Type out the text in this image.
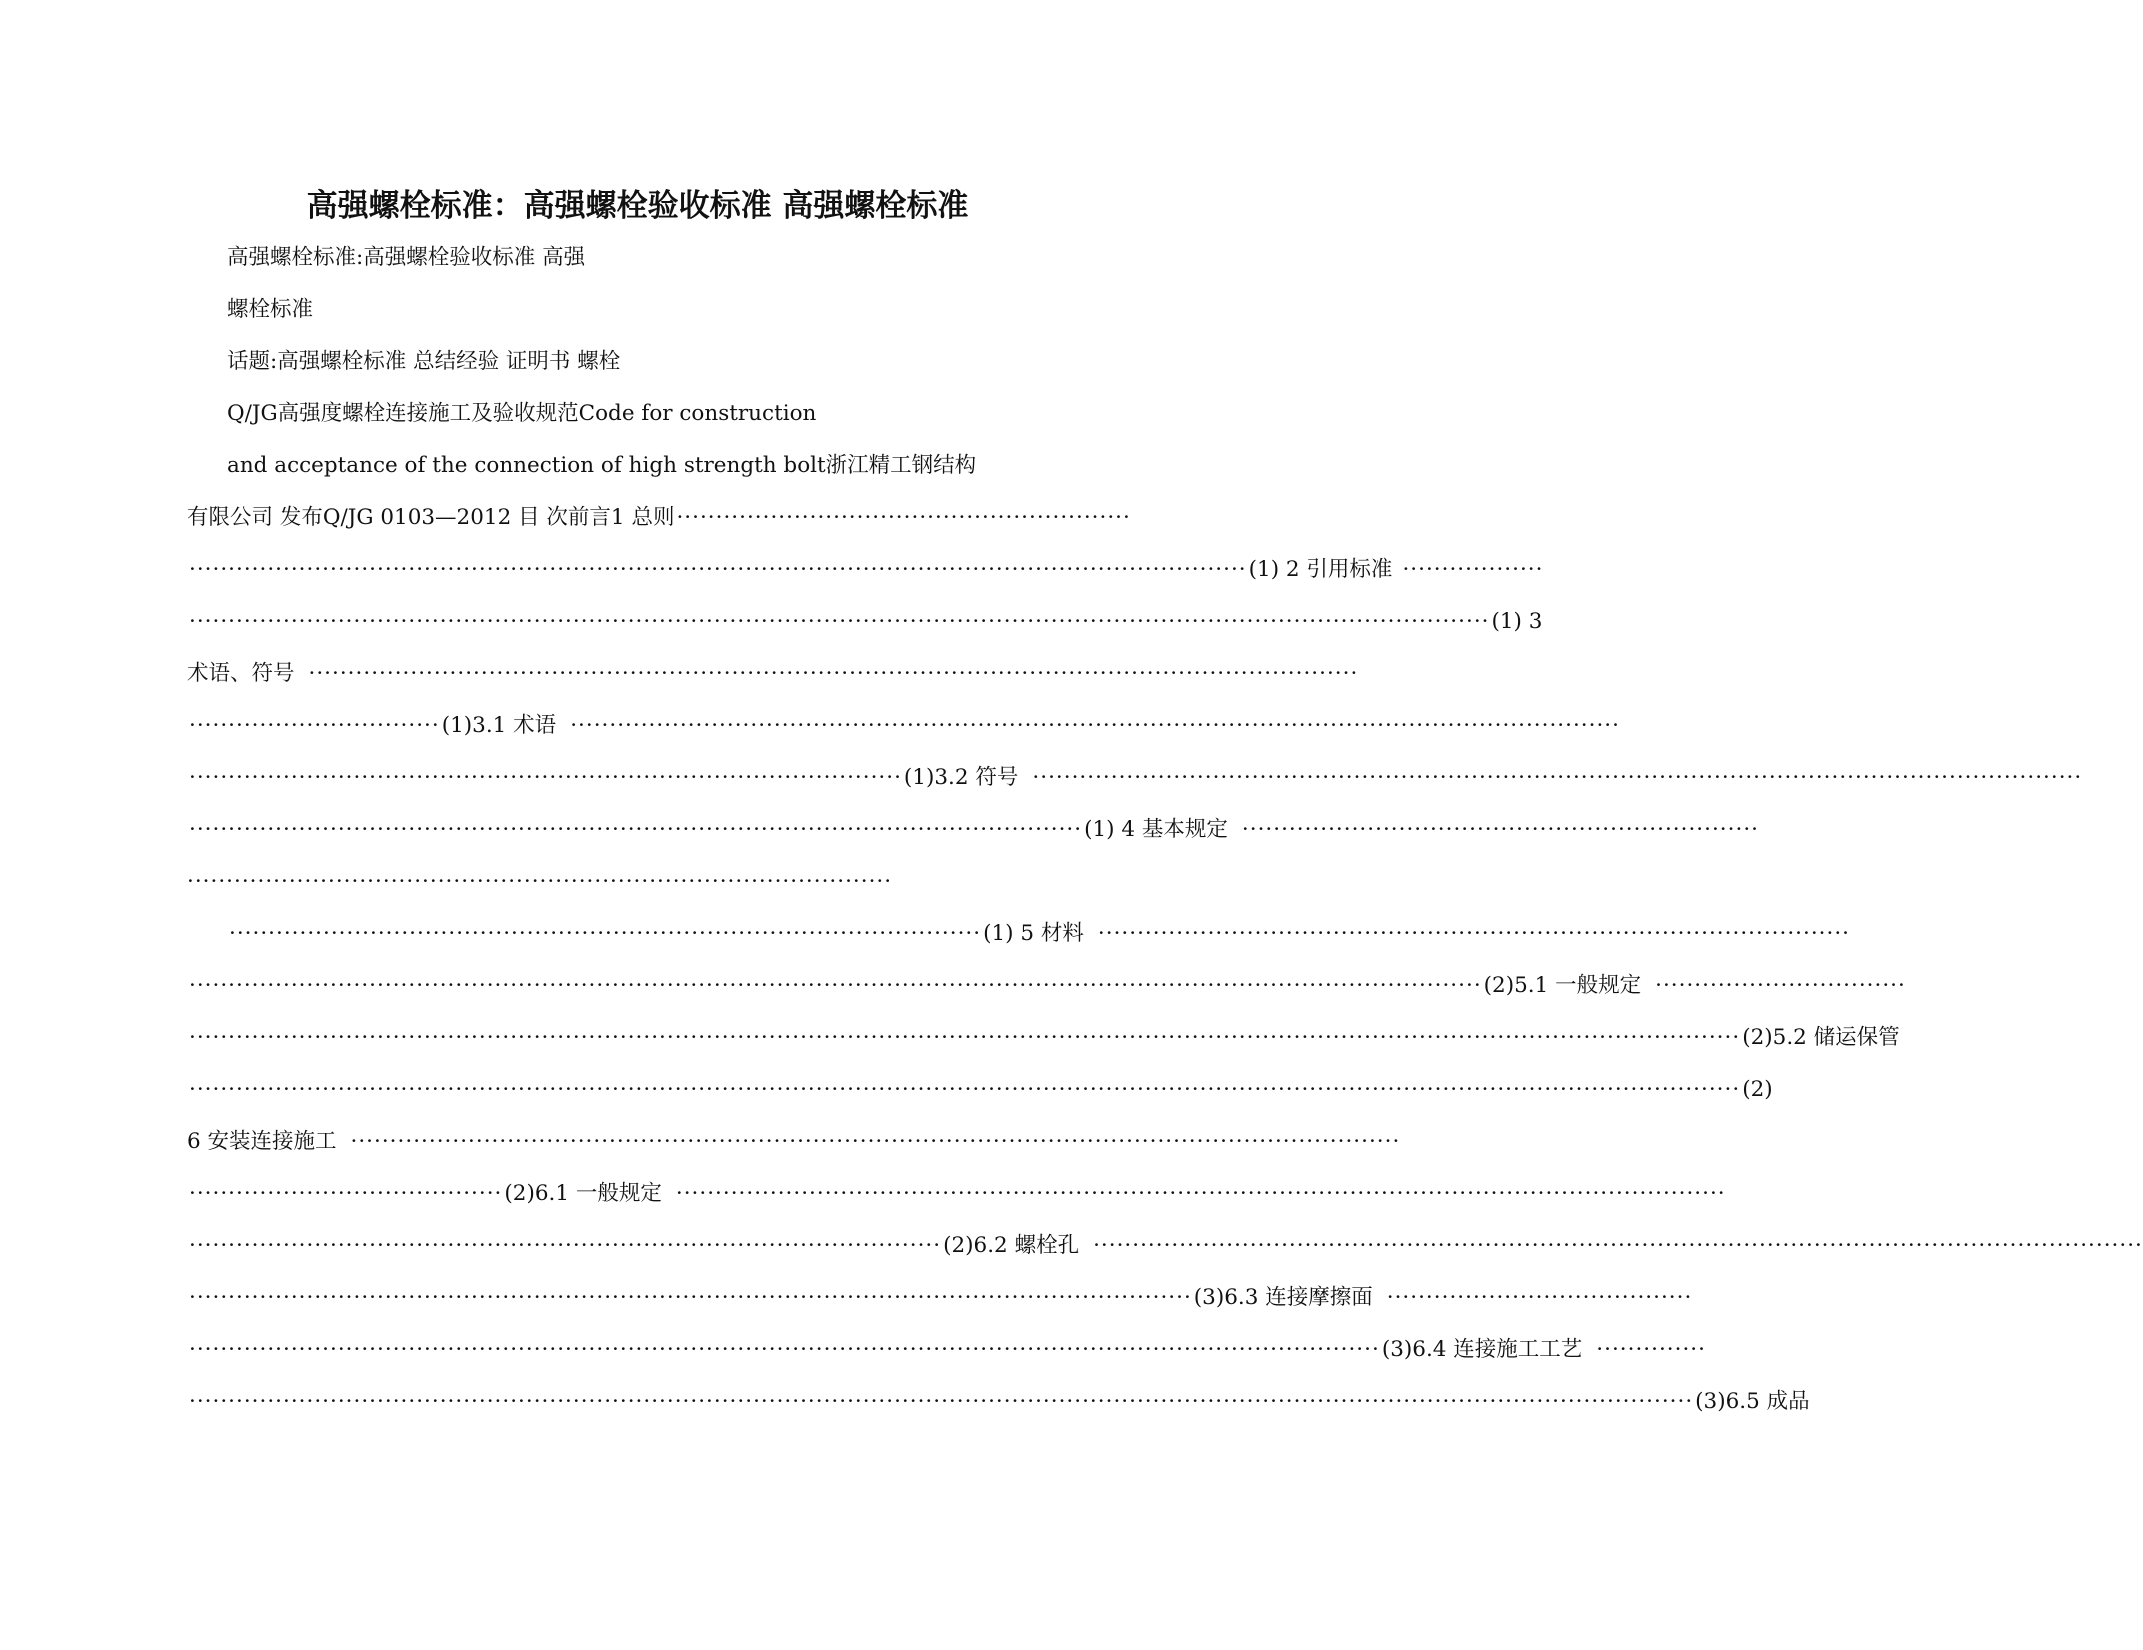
高强螺栓标准：高强螺栓验收标准 高强螺栓标准
高强螺栓标准:高强螺栓验收标准 高强
螺栓标准
话题:高强螺栓标准 总结经验 证明书 螺栓
Q/JG高强度螺栓连接施工及验收规范Code for construction
and acceptance of the connection of high strength bolt浙江精工钢结构
有限公司 发布Q/JG 0103—2012 目 次前言1 总则 ··························································
······································································································································· (1) 2 引用标准 ··················
······································································································································································ (1) 3
术语、符号 ······································································································································
································ (1)3.1 术语 ······································································································································
··························································································· (1)3.2 符号 ······································································································································
·················································································································· (1) 4 基本规定 ··································································
··························································································
································································································ (1) 5 材料 ································································································
····································································································································································· (2)5.1 一般规定 ································
······································································································································································································ (2)5.2 储运保管
······································································································································································································ (2)
6 安装连接施工 ······································································································································
········································ (2)6.1 一般规定 ······································································································································
································································································ (2)6.2 螺栓孔 ······································································································································
································································································································ (3)6.3 连接摩擦面 ·······································
························································································································································ (3)6.4 连接施工工艺 ··············
································································································································································································ (3)6.5 成品
